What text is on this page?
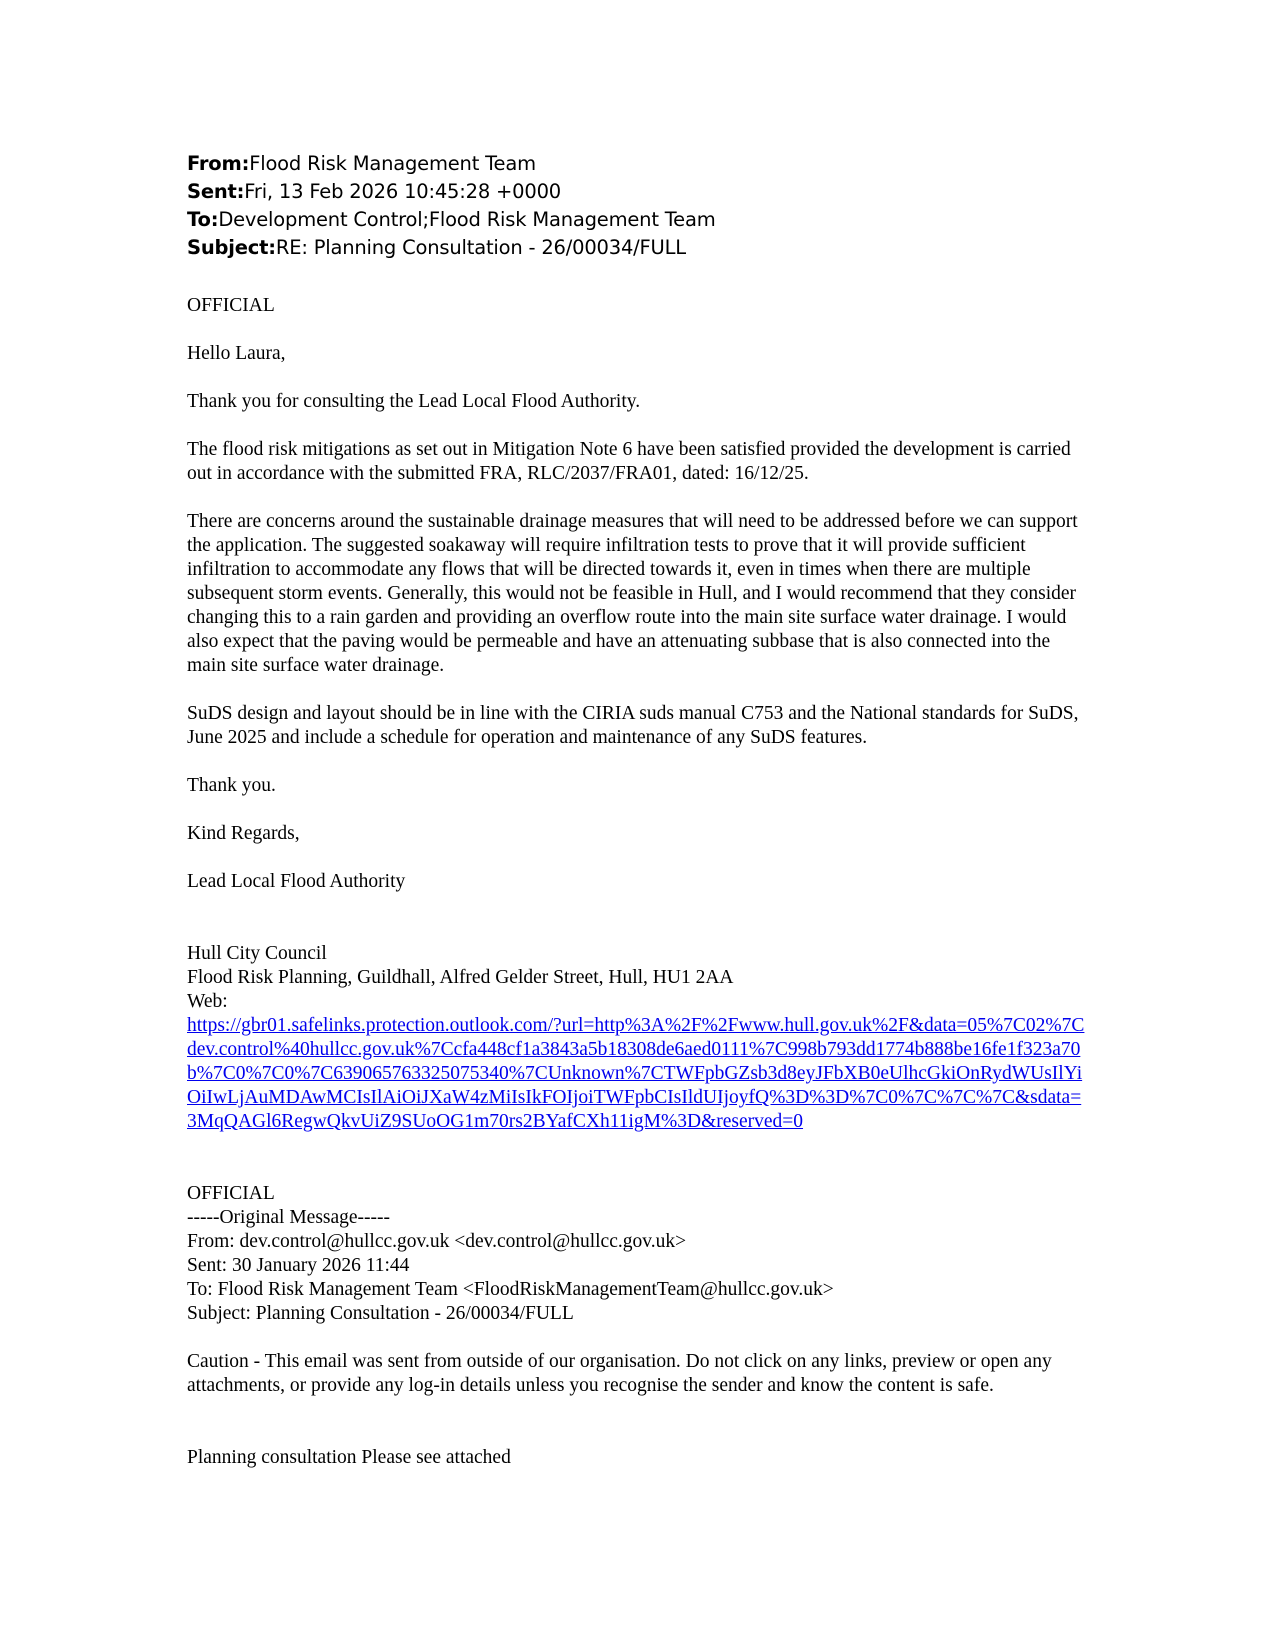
From:Flood Risk Management Team
Sent:Fri, 13 Feb 2026 10:45:28 +0000
To:Development Control;Flood Risk Management Team
Subject:RE: Planning Consultation - 26/00034/FULL

OFFICIAL

Hello Laura,

Thank you for consulting the Lead Local Flood Authority.

The flood risk mitigations as set out in Mitigation Note 6 have been satisfied provided the development is carried out in accordance with the submitted FRA, RLC/2037/FRA01, dated: 16/12/25.

There are concerns around the sustainable drainage measures that will need to be addressed before we can support the application. The suggested soakaway will require infiltration tests to prove that it will provide sufficient infiltration to accommodate any flows that will be directed towards it, even in times when there are multiple subsequent storm events. Generally, this would not be feasible in Hull, and I would recommend that they consider changing this to a rain garden and providing an overflow route into the main site surface water drainage. I would also expect that the paving would be permeable and have an attenuating subbase that is also connected into the main site surface water drainage.

SuDS design and layout should be in line with the CIRIA suds manual C753 and the National standards for SuDS, June 2025 and include a schedule for operation and maintenance of any SuDS features.

Thank you.

Kind Regards,

Lead Local Flood Authority

Hull City Council

Flood Risk Planning, Guildhall, Alfred Gelder Street, Hull, HU1 2AA

Web:

https://gbr01.safelinks.protection.outlook.com/?url=http%3A%2F%2Fwww.hull.gov.uk%2F&data=05%7C02%7Cdev.control%40hullcc.gov.uk%7Ccfa448cf1a3843a5b18308de6aed0111%7C998b793dd1774b888be16fe1f323a70b%7C0%7C0%7C639065763325075340%7CUnknown%7CTWFpbGZsb3d8eyJFbXB0eUlhcGkiOnRydWUsIlYiOiIwLjAuMDAwMCIsIlAiOiJXaW4zMiIsIkFOIjoiTWFpbCIsIldUIjoyfQ%3D%3D%7C0%7C%7C%7C&sdata=3MqQAGl6RegwQkvUiZ9SUoOG1m70rs2BYafCXh11igM%3D&reserved=0

OFFICIAL

-----Original Message-----

From: dev.control@hullcc.gov.uk <dev.control@hullcc.gov.uk>

Sent: 30 January 2026 11:44

To: Flood Risk Management Team <FloodRiskManagementTeam@hullcc.gov.uk>

Subject: Planning Consultation - 26/00034/FULL

Caution - This email was sent from outside of our organisation. Do not click on any links, preview or open any attachments, or provide any log-in details unless you recognise the sender and know the content is safe.

Planning consultation Please see attached
